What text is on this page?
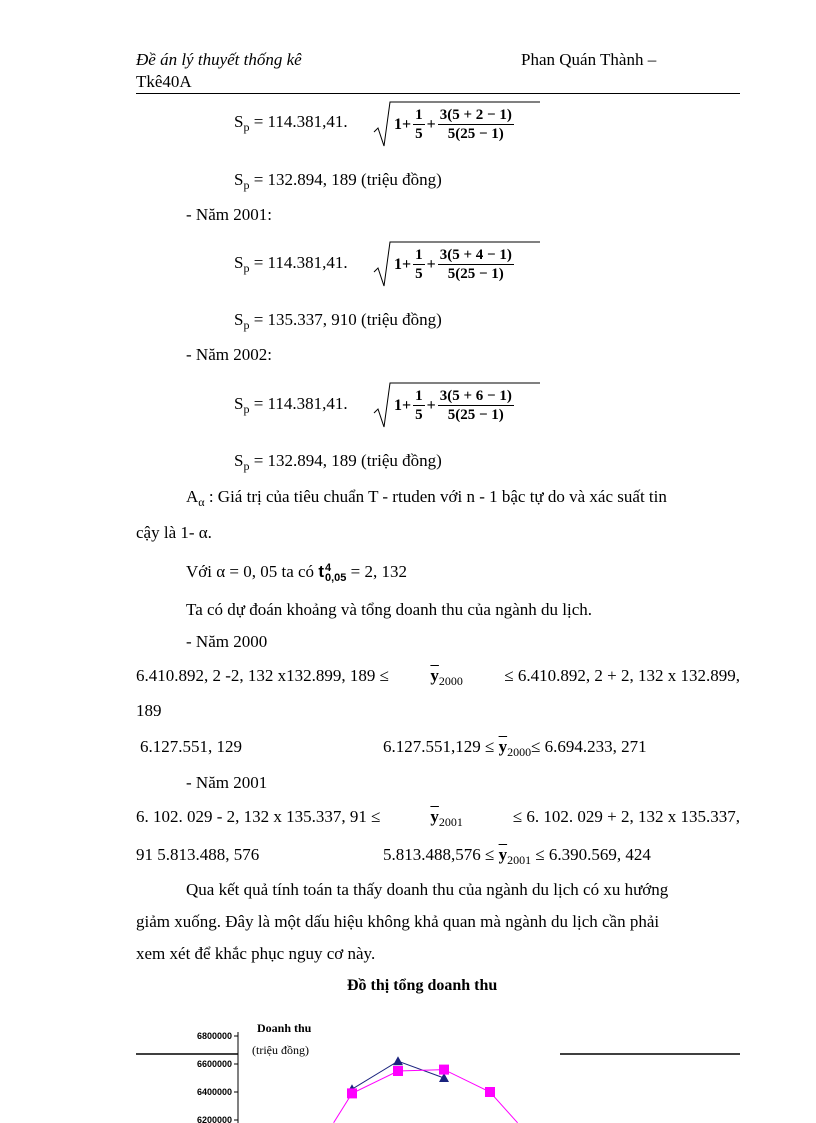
Đề án lý thuyết thống kê	Phan Quán Thành –
Tkê40A
$S_p = 114.381,41$.	$1+ \frac{1}{5} + \frac{3(5 + 2 - 1)}{5(25 - 1)}$
$S_p = 132.894$, 189 (triệu đồng)
- Năm 2001:
$S_p = 114.381,41$.	$1+ \frac{1}{5} + \frac{3(5 + 4 - 1)}{5(25 - 1)}$
$S_p = 135.337$, 910 (triệu đồng)
- Năm 2002:
$S_p = 114.381,41$.	$1+ \frac{1}{5} + \frac{3(5 + 6 - 1)}{5(25 - 1)}$
$S_p = 132.894$, 189 (triệu đồng)
$A_\alpha$ : Giá trị của tiêu chuẩn T - rtuden với n - 1 bậc tự do và xác suất tin
cậy là 1- α.
Với α = 0, 05 ta có t 4
0,05 = 2, 132
Ta có dự đoán khoảng và tổng doanh thu của ngành du lịch.
- Năm 2000
6.410.892, 2 -2, 132 x132.899, $189 \le \overline{y}_{2000} \le 6.410.892$, 2 + 2, 132 x 132.899,
189
6.127.551, 129	$6.127.551,129 \le \overline{y}_{2000}\le 6.694.233$, 271
- Năm 2001
6. 102. 029 - 2, 132 x 135.337, 91 ≤	$\overline{y}_{2001}$	≤ 6. 102. 029 + 2, 132 x 135.337,
91 5.813.488, 576	$5.813.488,576 \le \overline{y}_{2001} \le 6.390.569$, 424
Qua kết quả tính toán ta thấy doanh thu của ngành du lịch có xu hướng
giảm xuống. Đây là một dấu hiệu không khả quan mà ngành du lịch cần phải
xem xét để khắc phục nguy cơ này.
Đồ thị tổng doanh thu
6800000
6600000
6400000
6200000
Doanh thu
(triệu đồng)
